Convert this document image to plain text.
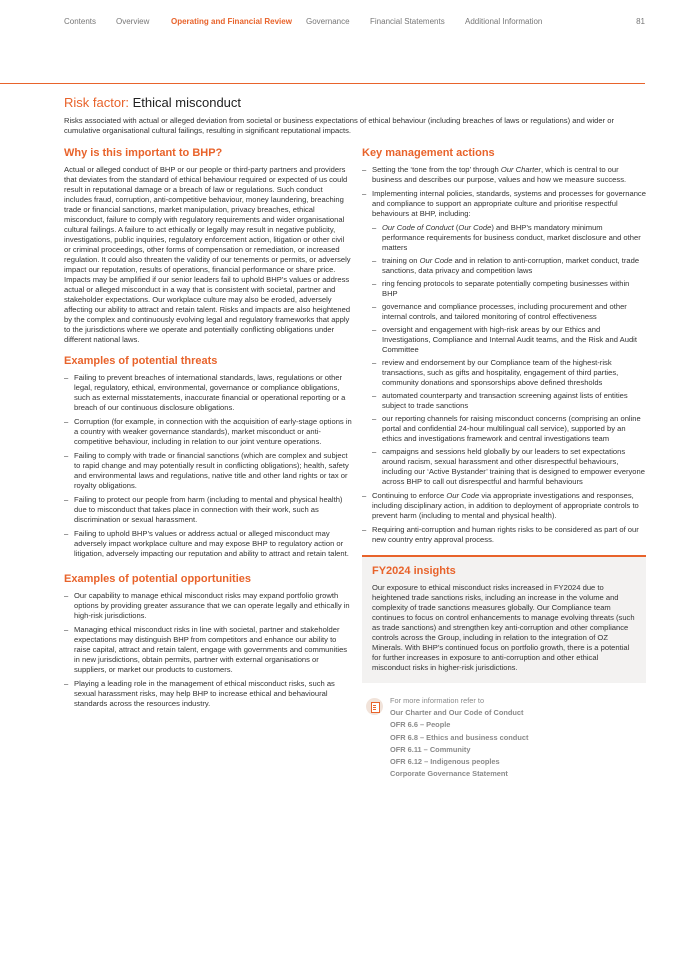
Contents Overview	Operating and Financial Review Governance	Financial Statements	Additional Information	81
Risk factor: Ethical misconduct

Risks associated with actual or alleged deviation from societal or business expectations of ethical behaviour (including breaches of laws or regulations) and wider or cumulative organisational cultural failings, resulting in significant reputational impacts.

Why is this important to BHP?

Actual or alleged conduct of BHP or our people or third-party partners and providers that deviates from the standard of ethical behaviour required or expected of us could result in reputational damage or a breach of law or regulations. Such conduct includes fraud, corruption, anti-competitive behaviour, money laundering, breaching trade or financial sanctions, market manipulation, privacy breaches, ethical misconduct, failure to comply with regulatory requirements and wider organisational cultural failings. A failure to act ethically or legally may result in negative publicity, investigations, public inquiries, regulatory enforcement action, litigation or other civil or criminal proceedings, other forms of compensation or remediation, or increased regulation. It could also threaten the validity of our tenements or permits, or adversely impact our reputation, results of operations, financial performance or share price. Impacts may be amplified if our senior leaders fail to uphold BHP’s values or address actual or alleged misconduct in a way that is consistent with societal, partner and stakeholder expectations. Our workplace culture may also be eroded, adversely affecting our ability to attract and retain talent. Risks and impacts are also heightened by the complex and continuously evolving legal and regulatory frameworks that apply to the jurisdictions where we operate and potentially conflicting obligations under different national laws.

Examples of potential threats
– Failing to prevent breaches of international standards, laws, regulations or other legal, regulatory, ethical, environmental, governance or compliance obligations, such as external misstatements, inaccurate financial or operational reporting or a breach of our continuous disclosure obligations.
– Corruption (for example, in connection with the acquisition of early-stage options in a country with weaker governance standards), market misconduct or anti-competitive behaviour, including in relation to our joint venture operations.
– Failing to comply with trade or financial sanctions (which are complex and subject to rapid change and may potentially result in conflicting obligations); health, safety and environmental laws and regulations, native title and other land rights or tax or royalty obligations.
– Failing to protect our people from harm (including to mental and physical health) due to misconduct that takes place in connection with their work, such as discrimination or sexual harassment.
– Failing to uphold BHP’s values or address actual or alleged misconduct may adversely impact workplace culture and may expose BHP to regulatory action or litigation, adversely impacting our reputation and ability to attract and retain talent.
Examples of potential opportunities
– Our capability to manage ethical misconduct risks may expand portfolio growth options by providing greater assurance that we can operate legally and ethically in high-risk jurisdictions.
– Managing ethical misconduct risks in line with societal, partner and stakeholder expectations may distinguish BHP from competitors and enhance our ability to raise capital, attract and retain talent, engage with governments and communities in new jurisdictions, obtain permits, partner with external organisations or suppliers, or market our products to customers.
– Playing a leading role in the management of ethical misconduct risks, such as sexual harassment risks, may help BHP to increase ethical and behavioural standards across the resources industry.
Key management actions
– Setting the ‘tone from the top’ through Our Charter, which is central to our business and describes our purpose, values and how we measure success.
– Implementing internal policies, standards, systems and processes for governance and compliance to support an appropriate culture and prioritise respectful behaviours at BHP, including:
– Our Code of Conduct (Our Code) and BHP’s mandatory minimum performance requirements for business conduct, market disclosure and other matters
– training on Our Code and in relation to anti-corruption, market conduct, trade sanctions, data privacy and competition laws
– ring fencing protocols to separate potentially competing businesses within BHP
– governance and compliance processes, including procurement and other internal controls, and tailored monitoring of control effectiveness
– oversight and engagement with high-risk areas by our Ethics and Investigations, Compliance and Internal Audit teams, and the Risk and Audit Committee
– review and endorsement by our Compliance team of the highest-risk transactions, such as gifts and hospitality, engagement of third parties, community donations and sponsorships above defined thresholds
– automated counterparty and transaction screening against lists of entities subject to trade sanctions
– our reporting channels for raising misconduct concerns (comprising an online portal and confidential 24-hour multilingual call service), supported by an ethics and investigations framework and central investigations team
– campaigns and sessions held globally by our leaders to set expectations around racism, sexual harassment and other disrespectful behaviours, including our ‘Active Bystander’ training that is designed to empower everyone across BHP to call out disrespectful and harmful behaviours
– Continuing to enforce Our Code via appropriate investigations and responses, including disciplinary action, in addition to deployment of appropriate controls to prevent harm (including to mental and physical health).
– Requiring anti-corruption and human rights risks to be considered as part of our new country entry approval process.
FY2024 insights

Our exposure to ethical misconduct risks increased in FY2024 due to heightened trade sanctions risks, including an increase in the volume and complexity of trade sanctions measures globally. Our Compliance team continues to focus on control enhancements to manage evolving threats (such as trade sanctions) and strengthen key anti-corruption and other compliance controls across the Group, including in relation to the integration of OZ Minerals. With BHP’s continued focus on portfolio growth, there is a potential for further increases in exposure to anti-corruption and other ethical misconduct risks in higher-risk jurisdictions.

For more information refer to
Our Charter and Our Code of Conduct
OFR 6.6 – People
OFR 6.8 – Ethics and business conduct
OFR 6.11 – Community
OFR 6.12 – Indigenous peoples
Corporate Governance Statement
